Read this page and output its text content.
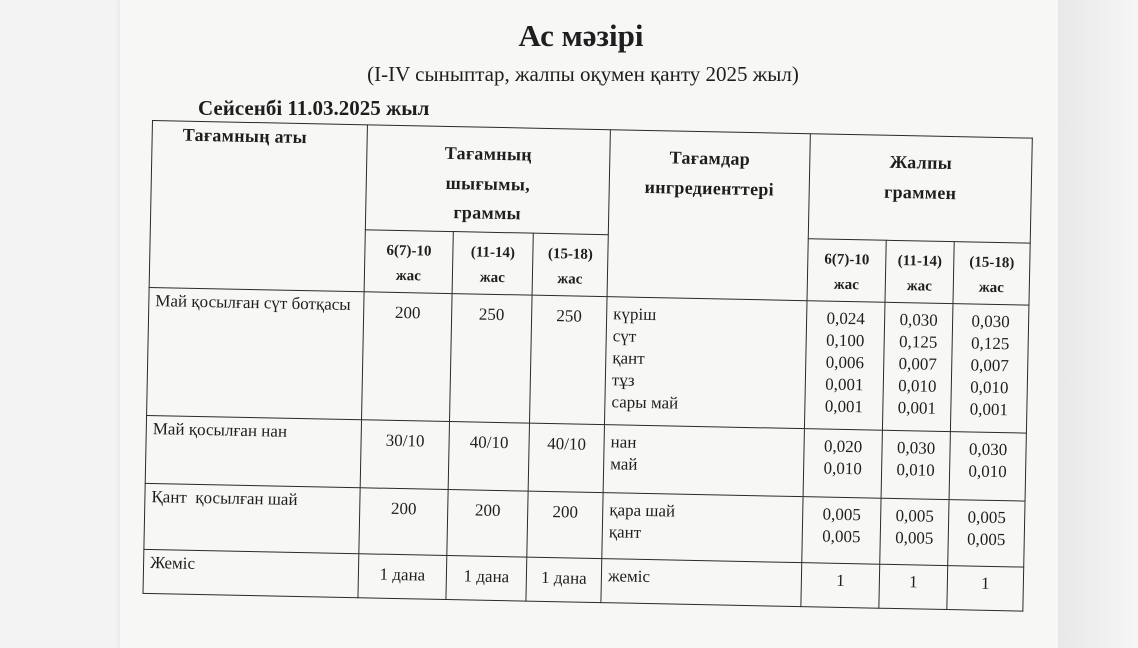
Ас мәзірі
(I-IV сыныптар, жалпы оқумен қанту 2025 жыл)
Сейсенбі 11.03.2025 жыл
Тағамның аты	Тағамның
шығымы,
граммы			Тағамдар
ингредиенттері	Жалпы
граммен		

	6(7)-10
жас	(11-14)
жас	(15-18)
жас		6(7)-10
жас	(11-14)
жас	(15-18)
жас

Май қосылған сүт ботқасы	200	250	250	күріш
сүт
қант
тұз
сары май	0,024
0,100
0,006
0,001
0,001	0,030
0,125
0,007
0,010
0,001	0,030
0,125
0,007
0,010
0,001

Май қосылған нан	30/10	40/10	40/10	нан
май	0,020
0,010	0,030
0,010	0,030
0,010

Қант  қосылған шай	200	200	200	қара шай
қант	0,005
0,005	0,005
0,005	0,005
0,005

Жеміс	1 дана	1 дана	1 дана	жеміс	1	1	1
